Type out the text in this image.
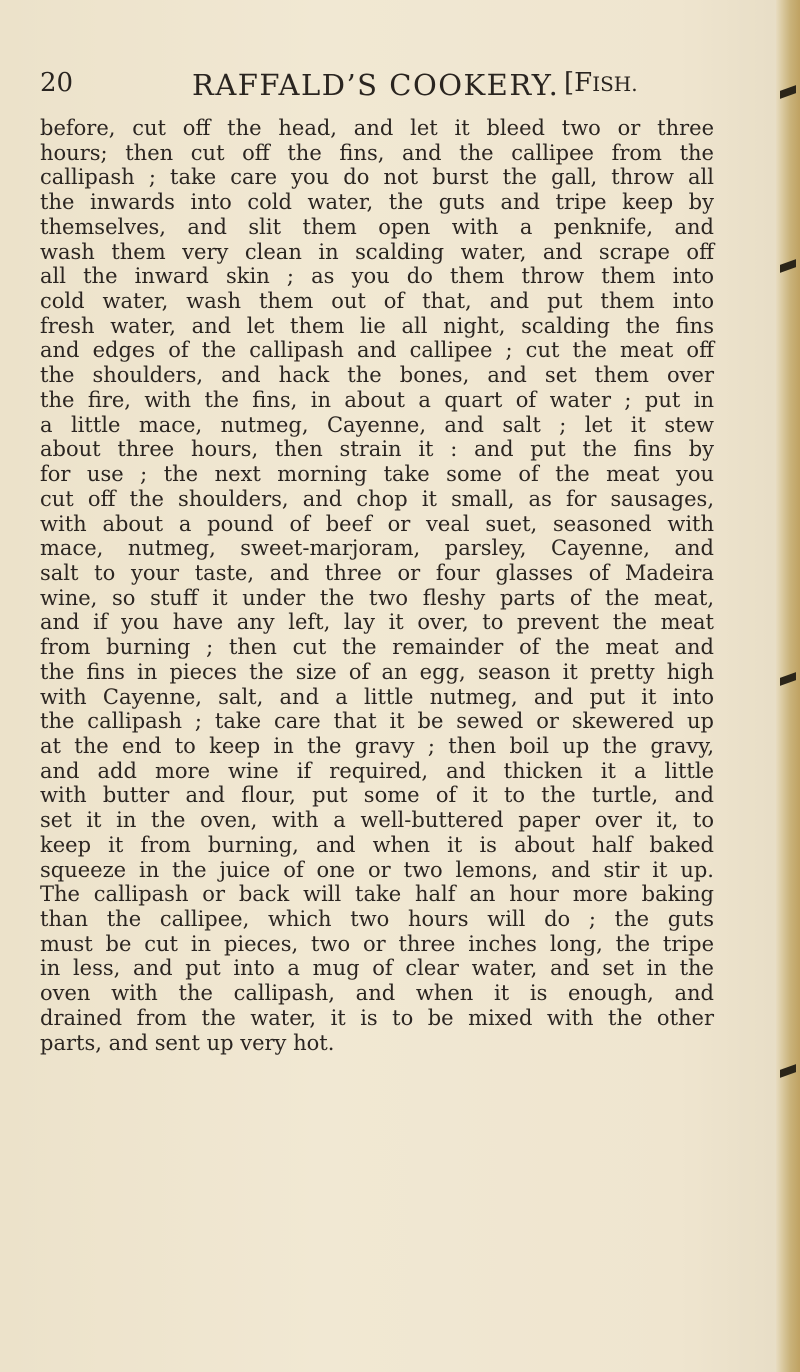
20	RAFFALD’S COOKERY. [FISH.
before, cut off the head, and let it bleed two or three
hours; then cut off the fins, and the callipee from the
callipash ; take care you do not burst the gall, throw all
the inwards into cold water, the guts and tripe keep by
themselves, and slit them open with a penknife, and
wash them very clean in scalding water, and scrape off
all the inward skin ; as you do them throw them into
cold water, wash them out of that, and put them into
fresh water, and let them lie all night, scalding the fins
and edges of the callipash and callipee ; cut the meat off
the shoulders, and hack the bones, and set them over
the fire, with the fins, in about a quart of water ; put in
a little mace, nutmeg, Cayenne, and salt ; let it stew
about three hours, then strain it : and put the fins by
for use ; the next morning take some of the meat you
cut off the shoulders, and chop it small, as for sausages,
with about a pound of beef or veal suet, seasoned with
mace, nutmeg, sweet-marjoram, parsley, Cayenne, and
salt to your taste, and three or four glasses of Madeira
wine, so stuff it under the two fleshy parts of the meat,
and if you have any left, lay it over, to prevent the meat
from burning ; then cut the remainder of the meat and
the fins in pieces the size of an egg, season it pretty high
with Cayenne, salt, and a little nutmeg, and put it into
the callipash ; take care that it be sewed or skewered up
at the end to keep in the gravy ; then boil up the gravy,
and add more wine if required, and thicken it a little
with butter and flour, put some of it to the turtle, and
set it in the oven, with a well-buttered paper over it, to
keep it from burning, and when it is about half baked
squeeze in the juice of one or two lemons, and stir it up.
The callipash or back will take half an hour more baking
than the callipee, which two hours will do ; the guts
must be cut in pieces, two or three inches long, the tripe
in less, and put into a mug of clear water, and set in the
oven with the callipash, and when it is enough, and
drained from the water, it is to be mixed with the other
parts, and sent up very hot.
